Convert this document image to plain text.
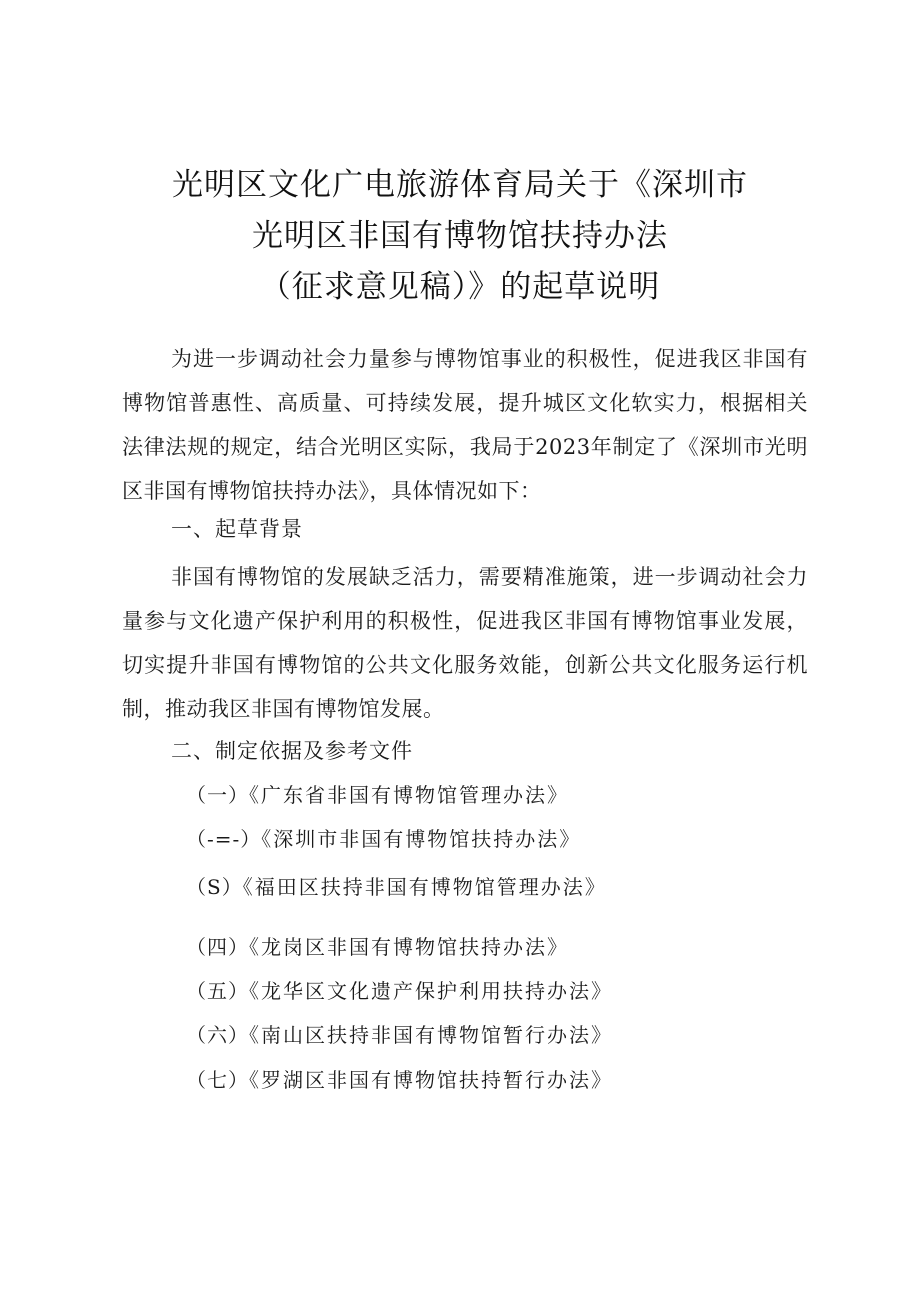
光明区文化广电旅游体育局关于《深圳市
光明区非国有博物馆扶持办法
（征求意见稿）》的起草说明
为进一步调动社会力量参与博物馆事业的积极性，促进我区非国有博物馆普惠性、高质量、可持续发展，提升城区文化软实力，根据相关法律法规的规定，结合光明区实际，我局于2023年制定了《深圳市光明区非国有博物馆扶持办法》，具体情况如下：
一、起草背景
非国有博物馆的发展缺乏活力，需要精准施策，进一步调动社会力量参与文化遗产保护利用的积极性，促进我区非国有博物馆事业发展，切实提升非国有博物馆的公共文化服务效能，创新公共文化服务运行机制，推动我区非国有博物馆发展。
二、制定依据及参考文件
（一）《广东省非国有博物馆管理办法》
（-=-）《深圳市非国有博物馆扶持办法》
（S）《福田区扶持非国有博物馆管理办法》
（四）《龙岗区非国有博物馆扶持办法》
（五）《龙华区文化遗产保护利用扶持办法》
（六）《南山区扶持非国有博物馆暂行办法》
（七）《罗湖区非国有博物馆扶持暂行办法》
